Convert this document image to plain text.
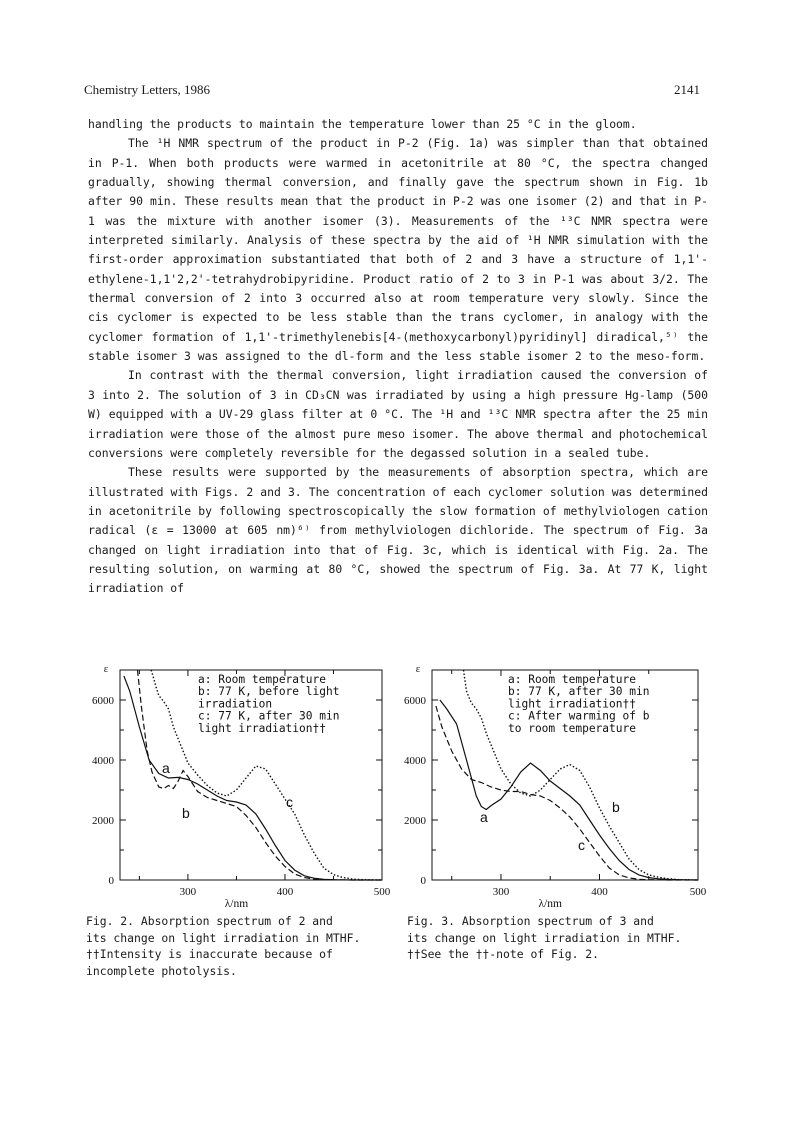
Chemistry Letters, 1986	2141

handling the products to maintain the temperature lower than 25 °C in the gloom.

The ¹H NMR spectrum of the product in P-2 (Fig. 1a) was simpler than that obtained in P-1. When both products were warmed in acetonitrile at 80 °C, the spectra changed gradually, showing thermal conversion, and finally gave the spectrum shown in Fig. 1b after 90 min. These results mean that the product in P-2 was one isomer (2) and that in P-1 was the mixture with another isomer (3). Measurements of the ¹³C NMR spectra were interpreted similarly. Analysis of these spectra by the aid of ¹H NMR simulation with the first-order approximation substantiated that both of 2 and 3 have a structure of 1,1'-ethylene-1,1'2,2'-tetrahydrobipyridine. Product ratio of 2 to 3 in P-1 was about 3/2. The thermal conversion of 2 into 3 occurred also at room temperature very slowly. Since the cis cyclomer is expected to be less stable than the trans cyclomer, in analogy with the cyclomer formation of 1,1'-trimethylenebis[4-(methoxycarbonyl)pyridinyl] diradical,⁵⁾ the stable isomer 3 was assigned to the dl-form and the less stable isomer 2 to the meso-form.

In contrast with the thermal conversion, light irradiation caused the conversion of 3 into 2. The solution of 3 in CD₃CN was irradiated by using a high pressure Hg-lamp (500 W) equipped with a UV-29 glass filter at 0 °C. The ¹H and ¹³C NMR spectra after the 25 min irradiation were those of the almost pure meso isomer. The above thermal and photochemical conversions were completely reversible for the degassed solution in a sealed tube.

These results were supported by the measurements of absorption spectra, which are illustrated with Figs. 2 and 3. The concentration of each cyclomer solution was determined in acetonitrile by following spectroscopically the slow formation of methylviologen cation radical (ε = 13000 at 605 nm)⁶⁾ from methylviologen dichloride. The spectrum of Fig. 3a changed on light irradiation into that of Fig. 3c, which is identical with Fig. 2a. The resulting solution, on warming at 80 °C, showed the spectrum of Fig. 3a. At 77 K, light irradiation of

0
2000
4000
6000
ε
300	400	500
λ/nm
a
b
c
a: Room temperature
b: 77 K, before light
irradiation
c: 77 K, after 30 min
light irradiation††
0
2000
4000
6000
ε
300	400	500
λ/nm
a
b
c
a: Room temperature
b: 77 K, after 30 min
light irradiation††
c: After warming of b
to room temperature

Fig. 2. Absorption spectrum of 2 and

its change on light irradiation in MTHF.

††Intensity is inaccurate because of

incomplete photolysis.

Fig. 3. Absorption spectrum of 3 and

its change on light irradiation in MTHF.

††See the ††-note of Fig. 2.
